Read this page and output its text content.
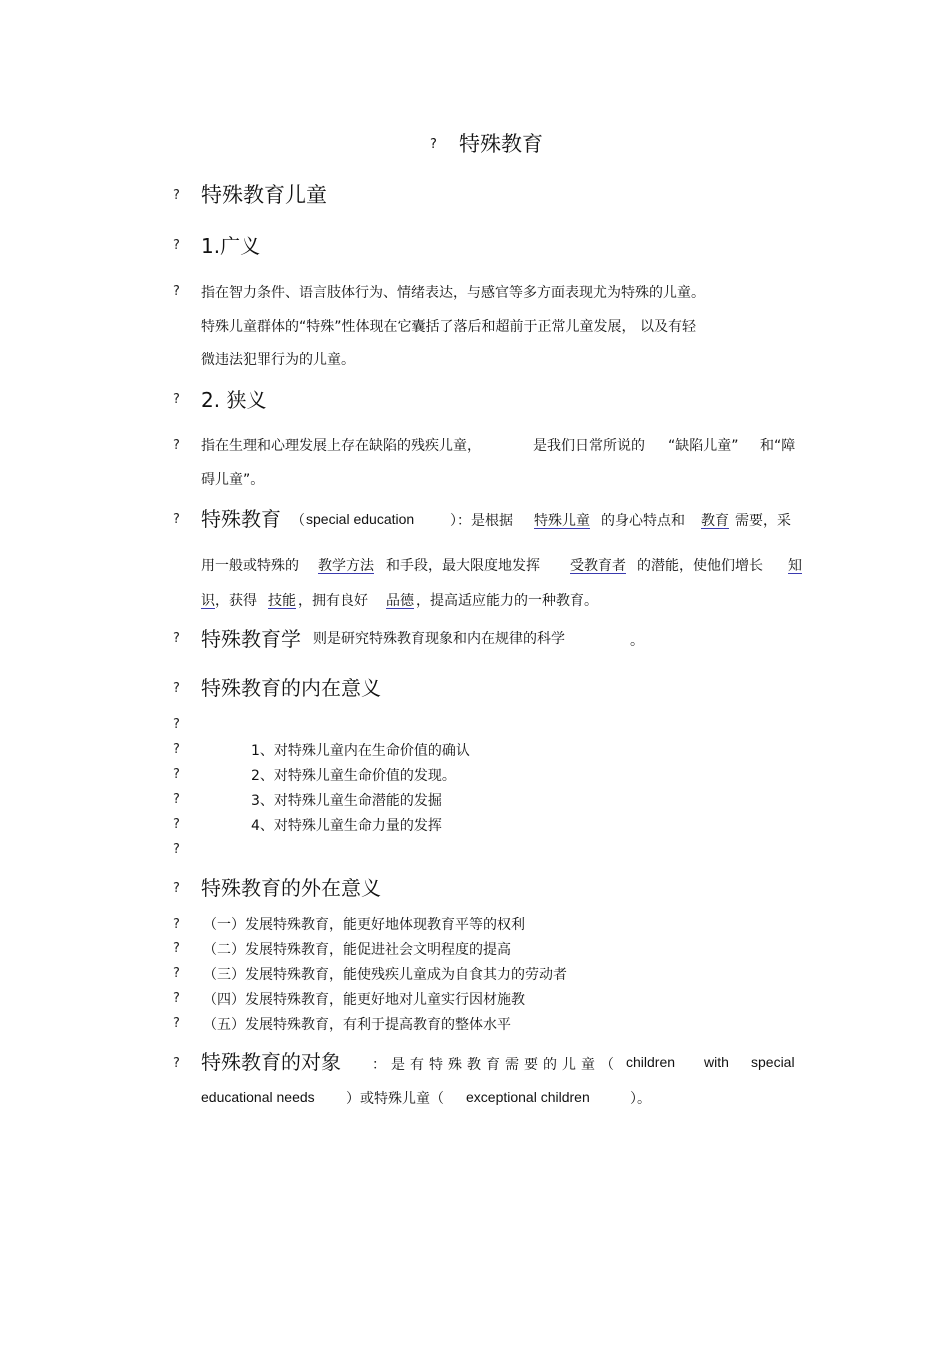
? 特殊教育
? 特殊教育儿童
? 1.广义
? 指在智力条件、语言肢体行为、情绪表达，与感官等多方面表现尤为特殊的儿童。
特殊儿童群体的“特殊”性体现在它囊括了落后和超前于正常儿童发展， 以及有轻
微违法犯罪行为的儿童。
? 2. 狭义
? 指在生理和心理发展上存在缺陷的残疾儿童，	是我们日常所说的 “缺陷儿童” 和“障
碍儿童”。
? 特殊教育 （ special education	）：是根据 特殊儿童 的身心特点和 教育 需要，采
用一般或特殊的 教学方法 和手段，最大限度地发挥 受教育者 的潜能，使他们增长 知
识 ，获得 技能 ，拥有良好 品德 ，提高适应能力的一种教育。
? 特殊教育学 则是研究特殊教育现象和内在规律的科学	。
? 特殊教育的内在意义
?
?
?
?
?
?
1、对特殊儿童内在生命价值的确认
2、对特殊儿童生命价值的发现。
3、对特殊儿童生命潜能的发掘
4、对特殊儿童生命力量的发挥
? 特殊教育的外在意义
?
?
?
?
?
（一）发展特殊教育，能更好地体现教育平等的权利
（二）发展特殊教育，能促进社会文明程度的提高
（三）发展特殊教育，能使残疾儿童成为自食其力的劳动者
（四）发展特殊教育，能更好地对儿童实行因材施教
（五）发展特殊教育，有利于提高教育的整体水平
? 特殊教育的对象 ：是有特殊教育需要的儿童（ children with special
educational needs ）或特殊儿童（ exceptional children	）。
